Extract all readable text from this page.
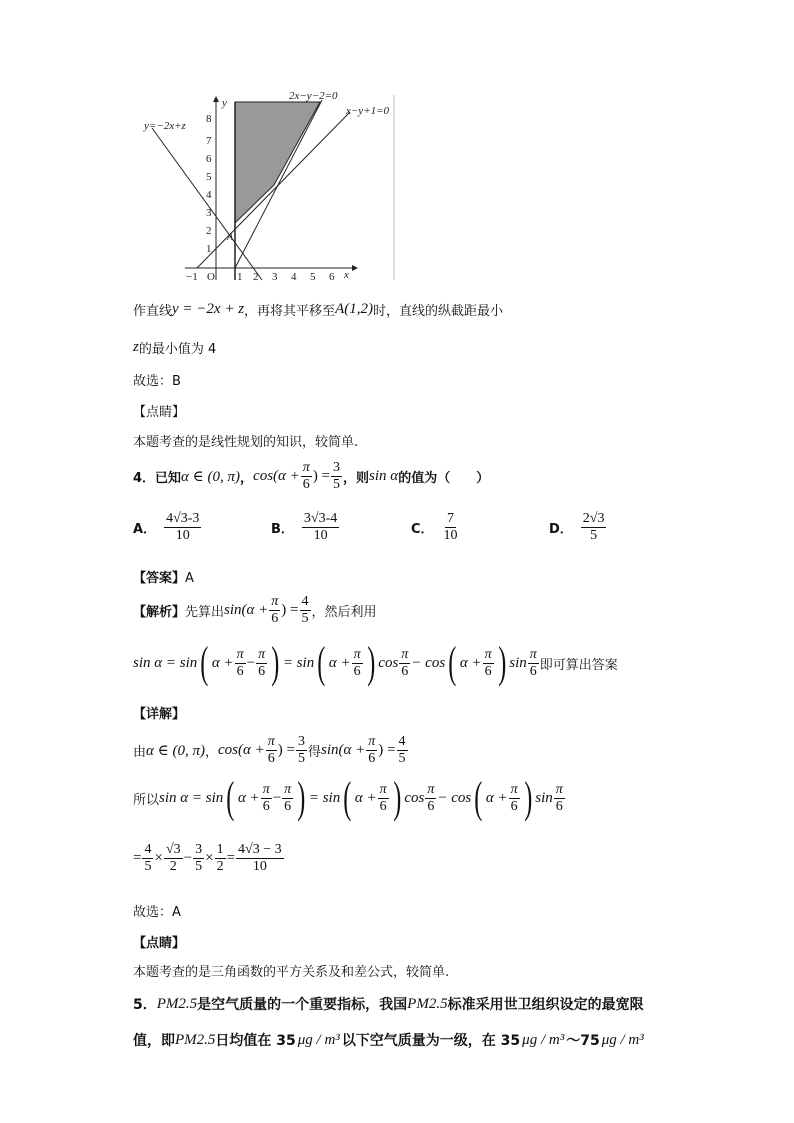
1
2
3
4
5
6
7
8
−1 O 1 2 3 4 5 6 x
y
A
2x−y−2=0
x−y+1=0
y=−2x+z
作直线 y = −2x + z ，再将其平移至 A(1,2) 时，直线的纵截距最小
z 的最小值为 4
故选：B
【点睛】
本题考查的是线性规划的知识，较简单.
4．已知 α ∈ (0, π) ， $\cos(\alpha + \frac{\pi}{6}$ ) = $\frac{3}{5}$ ，则 sin α 的值为（　　）
A． $\frac{4√3-3}{10}$	B． $\frac{3√3-4}{10}$	C． $\frac{7}{10}$	D． $\frac{2√3}{5}$
【答案】A
【解析】 先算出 $\sin(\alpha + \frac{\pi}{6}$ ) = $\frac{4}{5}$ ，然后利用
sin α = sin ( $\alpha + \frac{\pi}{6} - \frac{\pi}{6}$ ) = sin ( $\alpha + \frac{\pi}{6}$ ) $\cos \frac{\pi}{6} - \cos$ ( $\alpha + \frac{\pi}{6}$ ) $\sin \frac{\pi}{6}$ 即可算出答案
【详解】
由 α ∈ (0, π) ， $\cos(\alpha + \frac{\pi}{6}$ ) = $\frac{3}{5}$ 得 $\sin(\alpha + \frac{\pi}{6}$ ) = $\frac{4}{5}$
所以 sin α = sin ( $\alpha + \frac{\pi}{6} - \frac{\pi}{6}$ ) = sin ( $\alpha + \frac{\pi}{6}$ ) $\cos \frac{\pi}{6} - \cos$ ( $\alpha + \frac{\pi}{6}$ ) $\sin \frac{\pi}{6}$
= $\frac{4}{5} \times \frac{√3}{2} - \frac{3}{5} \times \frac{1}{2} = \frac{4√3 - 3}{10}$
故选：A
【点睛】
本题考查的是三角函数的平方关系及和差公式，较简单.
5． PM2.5 是空气质量的一个重要指标，我国 PM2.5 标准采用世卫组织设定的最宽限
值，即 PM2.5 日均值在 35 μg / m³ 以下空气质量为一级，在 35 μg / m³ ～75 μg / m³
